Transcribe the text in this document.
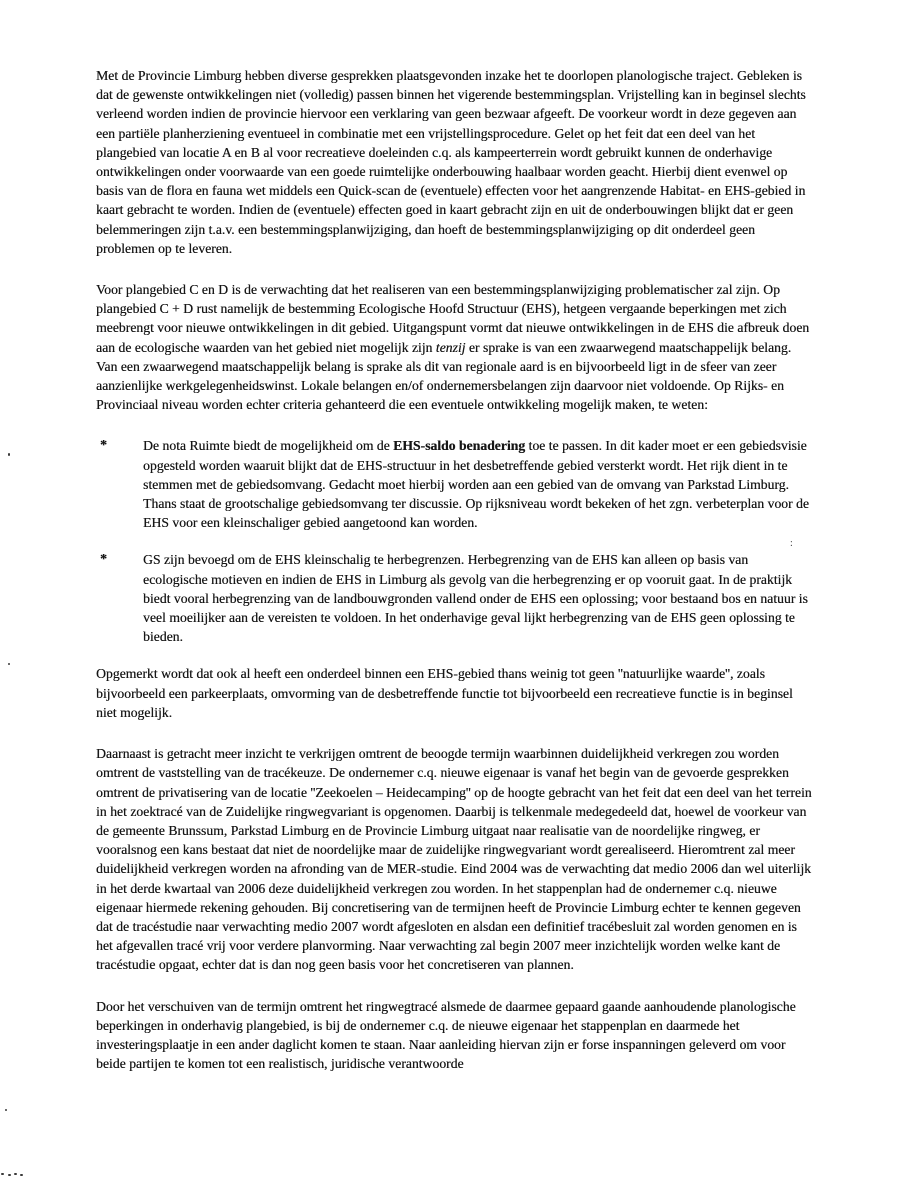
Met de Provincie Limburg hebben diverse gesprekken plaatsgevonden inzake het te doorlopen planologische traject. Gebleken is dat de gewenste ontwikkelingen niet (volledig) passen binnen het vigerende bestemmingsplan. Vrijstelling kan in beginsel slechts verleend worden indien de provincie hiervoor een verklaring van geen bezwaar afgeeft. De voorkeur wordt in deze gegeven aan een partiële planherziening eventueel in combinatie met een vrijstellingsprocedure. Gelet op het feit dat een deel van het plangebied van locatie A en B al voor recreatieve doeleinden c.q. als kampeerterrein wordt gebruikt kunnen de onderhavige ontwikkelingen onder voorwaarde van een goede ruimtelijke onderbouwing haalbaar worden geacht. Hierbij dient evenwel op basis van de flora en fauna wet middels een Quick-scan de (eventuele) effecten voor het aangrenzende Habitat- en EHS-gebied in kaart gebracht te worden. Indien de (eventuele) effecten goed in kaart gebracht zijn en uit de onderbouwingen blijkt dat er geen belemmeringen zijn t.a.v. een bestemmingsplanwijziging, dan hoeft de bestemmingsplanwijziging op dit onderdeel geen problemen op te leveren.

Voor plangebied C en D is de verwachting dat het realiseren van een bestemmingsplanwijziging problematischer zal zijn. Op plangebied C + D rust namelijk de bestemming Ecologische Hoofd Structuur (EHS), hetgeen vergaande beperkingen met zich meebrengt voor nieuwe ontwikkelingen in dit gebied. Uitgangspunt vormt dat nieuwe ontwikkelingen in de EHS die afbreuk doen aan de ecologische waarden van het gebied niet mogelijk zijn tenzij er sprake is van een zwaarwegend maatschappelijk belang. Van een zwaarwegend maatschappelijk belang is sprake als dit van regionale aard is en bijvoorbeeld ligt in de sfeer van zeer aanzienlijke werkgelegenheidswinst. Lokale belangen en/of ondernemersbelangen zijn daarvoor niet voldoende. Op Rijks- en Provinciaal niveau worden echter criteria gehanteerd die een eventuele ontwikkeling mogelijk maken, te weten:

*	De nota Ruimte biedt de mogelijkheid om de EHS-saldo benadering toe te passen. In dit kader moet er een gebiedsvisie opgesteld worden waaruit blijkt dat de EHS-structuur in het desbetreffende gebied versterkt wordt. Het rijk dient in te stemmen met de gebiedsomvang. Gedacht moet hierbij worden aan een gebied van de omvang van Parkstad Limburg. Thans staat de grootschalige gebiedsomvang ter discussie. Op rijksniveau wordt bekeken of het zgn. verbeterplan voor de EHS voor een kleinschaliger gebied aangetoond kan worden.

*	GS zijn bevoegd om de EHS kleinschalig te herbegrenzen. Herbegrenzing van de EHS kan alleen op basis van ecologische motieven en indien de EHS in Limburg als gevolg van die herbegrenzing er op vooruit gaat. In de praktijk biedt vooral herbegrenzing van de landbouwgronden vallend onder de EHS een oplossing; voor bestaand bos en natuur is veel moeilijker aan de vereisten te voldoen. In het onderhavige geval lijkt herbegrenzing van de EHS geen oplossing te bieden.

Opgemerkt wordt dat ook al heeft een onderdeel binnen een EHS-gebied thans weinig tot geen ''natuurlijke waarde'', zoals bijvoorbeeld een parkeerplaats, omvorming van de desbetreffende functie tot bijvoorbeeld een recreatieve functie is in beginsel niet mogelijk.

Daarnaast is getracht meer inzicht te verkrijgen omtrent de beoogde termijn waarbinnen duidelijkheid verkregen zou worden omtrent de vaststelling van de tracékeuze. De ondernemer c.q. nieuwe eigenaar is vanaf het begin van de gevoerde gesprekken omtrent de privatisering van de locatie ''Zeekoelen – Heidecamping'' op de hoogte gebracht van het feit dat een deel van het terrein in het zoektracé van de Zuidelijke ringwegvariant is opgenomen. Daarbij is telkenmale medegedeeld dat, hoewel de voorkeur van de gemeente Brunssum, Parkstad Limburg en de Provincie Limburg uitgaat naar realisatie van de noordelijke ringweg, er vooralsnog een kans bestaat dat niet de noordelijke maar de zuidelijke ringwegvariant wordt gerealiseerd. Hieromtrent zal meer duidelijkheid verkregen worden na afronding van de MER-studie. Eind 2004 was de verwachting dat medio 2006 dan wel uiterlijk in het derde kwartaal van 2006 deze duidelijkheid verkregen zou worden. In het stappenplan had de ondernemer c.q. nieuwe eigenaar hiermede rekening gehouden. Bij concretisering van de termijnen heeft de Provincie Limburg echter te kennen gegeven dat de tracéstudie naar verwachting medio 2007 wordt afgesloten en alsdan een definitief tracébesluit zal worden genomen en is het afgevallen tracé vrij voor verdere planvorming. Naar verwachting zal begin 2007 meer inzichtelijk worden welke kant de tracéstudie opgaat, echter dat is dan nog geen basis voor het concretiseren van plannen.

Door het verschuiven van de termijn omtrent het ringwegtracé alsmede de daarmee gepaard gaande aanhoudende planologische beperkingen in onderhavig plangebied, is bij de ondernemer c.q. de nieuwe eigenaar het stappenplan en daarmede het investeringsplaatje in een ander daglicht komen te staan. Naar aanleiding hiervan zijn er forse inspanningen geleverd om voor beide partijen te komen tot een realistisch, juridische verantwoorde

:
